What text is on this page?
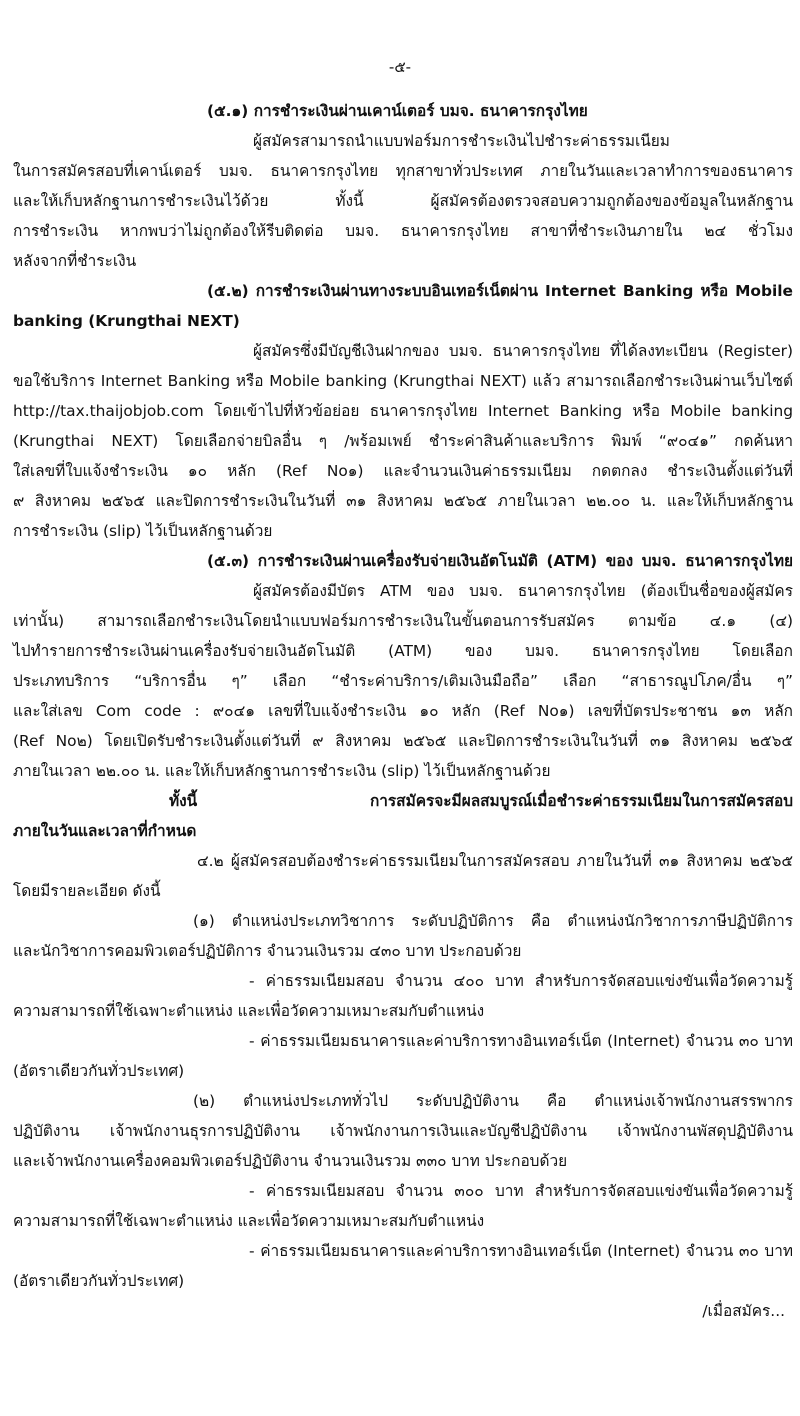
-๕-
(๕.๑) การชำระเงินผ่านเคาน์เตอร์ บมจ. ธนาคารกรุงไทย
ผู้สมัครสามารถนำแบบฟอร์มการชำระเงินไปชำระค่าธรรมเนียม
ในการสมัครสอบที่เคาน์เตอร์ บมจ. ธนาคารกรุงไทย ทุกสาขาทั่วประเทศ ภายในวันและเวลาทำการของธนาคาร
และให้เก็บหลักฐานการชำระเงินไว้ด้วย ทั้งนี้ ผู้สมัครต้องตรวจสอบความถูกต้องของข้อมูลในหลักฐาน
การชำระเงิน หากพบว่าไม่ถูกต้องให้รีบติดต่อ บมจ. ธนาคารกรุงไทย สาขาที่ชำระเงินภายใน ๒๔ ชั่วโมง
หลังจากที่ชำระเงิน
(๕.๒) การชำระเงินผ่านทางระบบอินเทอร์เน็ตผ่าน Internet Banking หรือ Mobile
banking (Krungthai NEXT)
ผู้สมัครซึ่งมีบัญชีเงินฝากของ บมจ. ธนาคารกรุงไทย ที่ได้ลงทะเบียน (Register)
ขอใช้บริการ Internet Banking หรือ Mobile banking (Krungthai NEXT) แล้ว สามารถเลือกชำระเงินผ่านเว็บไซต์
http://tax.thaijobjob.com โดยเข้าไปที่หัวข้อย่อย ธนาคารกรุงไทย Internet Banking หรือ Mobile banking
(Krungthai NEXT) โดยเลือกจ่ายบิลอื่น ๆ /พร้อมเพย์ ชำระค่าสินค้าและบริการ พิมพ์ “๙๐๔๑” กดค้นหา
ใส่เลขที่ใบแจ้งชำระเงิน ๑๐ หลัก (Ref No๑) และจำนวนเงินค่าธรรมเนียม กดตกลง ชำระเงินตั้งแต่วันที่
๙ สิงหาคม ๒๕๖๕ และปิดการชำระเงินในวันที่ ๓๑ สิงหาคม ๒๕๖๕ ภายในเวลา ๒๒.๐๐ น. และให้เก็บหลักฐาน
การชำระเงิน (slip) ไว้เป็นหลักฐานด้วย
(๕.๓) การชำระเงินผ่านเครื่องรับจ่ายเงินอัตโนมัติ (ATM) ของ บมจ. ธนาคารกรุงไทย
ผู้สมัครต้องมีบัตร ATM ของ บมจ. ธนาคารกรุงไทย (ต้องเป็นชื่อของผู้สมัคร
เท่านั้น) สามารถเลือกชำระเงินโดยนำแบบฟอร์มการชำระเงินในขั้นตอนการรับสมัคร ตามข้อ ๔.๑ (๔)
ไปทำรายการชำระเงินผ่านเครื่องรับจ่ายเงินอัตโนมัติ (ATM) ของ บมจ. ธนาคารกรุงไทย โดยเลือก
ประเภทบริการ “บริการอื่น ๆ” เลือก “ชำระค่าบริการ/เติมเงินมือถือ” เลือก “สาธารณูปโภค/อื่น ๆ”
และใส่เลข Com code : ๙๐๔๑ เลขที่ใบแจ้งชำระเงิน ๑๐ หลัก (Ref No๑) เลขที่บัตรประชาชน ๑๓ หลัก
(Ref No๒) โดยเปิดรับชำระเงินตั้งแต่วันที่ ๙ สิงหาคม ๒๕๖๕ และปิดการชำระเงินในวันที่ ๓๑ สิงหาคม ๒๕๖๕
ภายในเวลา ๒๒.๐๐ น. และให้เก็บหลักฐานการชำระเงิน (slip) ไว้เป็นหลักฐานด้วย
ทั้งนี้ การสมัครจะมีผลสมบูรณ์เมื่อชำระค่าธรรมเนียมในการสมัครสอบ
ภายในวันและเวลาที่กำหนด
๔.๒ ผู้สมัครสอบต้องชำระค่าธรรมเนียมในการสมัครสอบ ภายในวันที่ ๓๑ สิงหาคม ๒๕๖๕
โดยมีรายละเอียด ดังนี้
(๑) ตำแหน่งประเภทวิชาการ ระดับปฏิบัติการ คือ ตำแหน่งนักวิชาการภาษีปฏิบัติการ
และนักวิชาการคอมพิวเตอร์ปฏิบัติการ จำนวนเงินรวม ๔๓๐ บาท ประกอบด้วย
- ค่าธรรมเนียมสอบ จำนวน ๔๐๐ บาท สำหรับการจัดสอบแข่งขันเพื่อวัดความรู้
ความสามารถที่ใช้เฉพาะตำแหน่ง และเพื่อวัดความเหมาะสมกับตำแหน่ง
- ค่าธรรมเนียมธนาคารและค่าบริการทางอินเทอร์เน็ต (Internet) จำนวน ๓๐ บาท
(อัตราเดียวกันทั่วประเทศ)
(๒) ตำแหน่งประเภททั่วไป ระดับปฏิบัติงาน คือ ตำแหน่งเจ้าพนักงานสรรพากร
ปฏิบัติงาน เจ้าพนักงานธุรการปฏิบัติงาน เจ้าพนักงานการเงินและบัญชีปฏิบัติงาน เจ้าพนักงานพัสดุปฏิบัติงาน
และเจ้าพนักงานเครื่องคอมพิวเตอร์ปฏิบัติงาน จำนวนเงินรวม ๓๓๐ บาท ประกอบด้วย
- ค่าธรรมเนียมสอบ จำนวน ๓๐๐ บาท สำหรับการจัดสอบแข่งขันเพื่อวัดความรู้
ความสามารถที่ใช้เฉพาะตำแหน่ง และเพื่อวัดความเหมาะสมกับตำแหน่ง
- ค่าธรรมเนียมธนาคารและค่าบริการทางอินเทอร์เน็ต (Internet) จำนวน ๓๐ บาท
(อัตราเดียวกันทั่วประเทศ)
/เมื่อสมัคร...
